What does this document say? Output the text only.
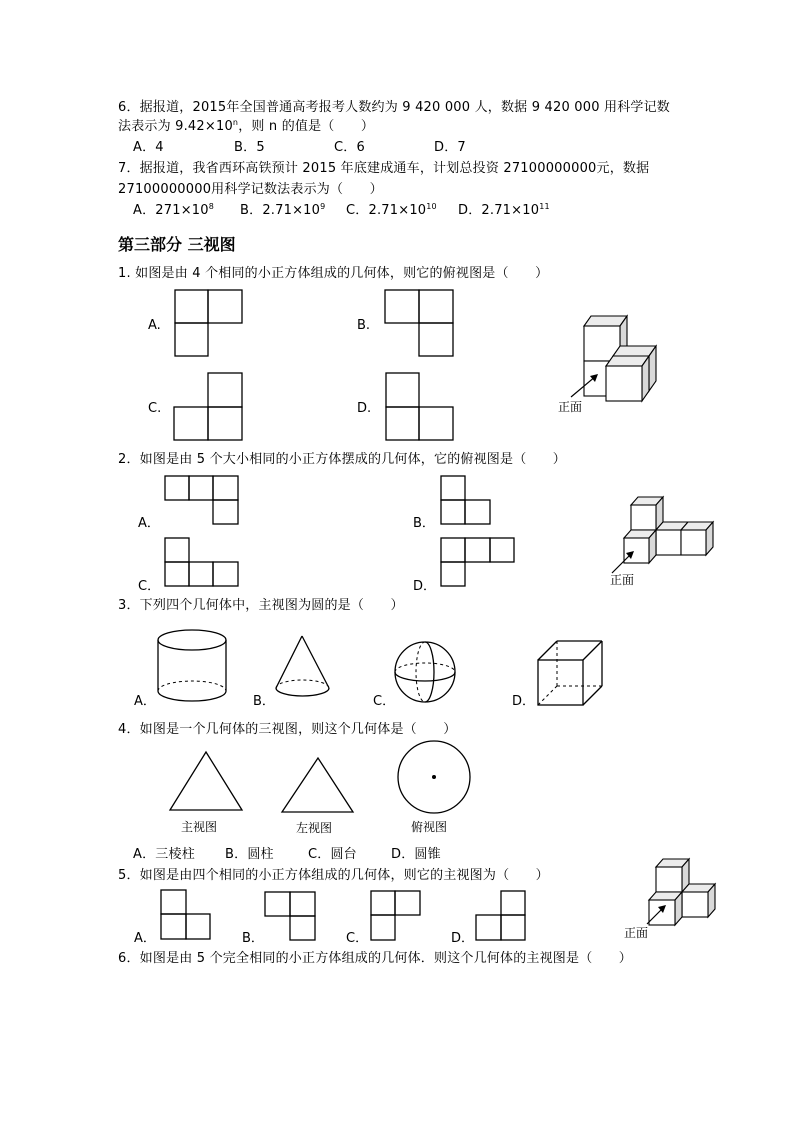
6．据报道，2015年全国普通高考报考人数约为 9 420 000 人，数据 9 420 000 用科学记数
法表示为 $9.42\times 10^n$，则 n 的值是（　　）
A．4	B．5	C．6	D．7
7．据报道，我省西环高铁预计 2015 年底建成通车，计划总投资 27100000000元，数据
27100000000用科学记数法表示为（　　）
A．$271\times 10^8$ B．$2.71\times 10^9$ C．$2.71\times 10^{10}$ D．$2.71\times 10^{11}$
第三部分 三视图
1. 如图是由 4 个相同的小正方体组成的几何体，则它的俯视图是（　　）
A.	B.
C.	D.	正面
2．如图是由 5 个大小相同的小正方体摆成的几何体，它的俯视图是（　　）
A．	B．
C．	D．	正面
3．下列四个几何体中，主视图为圆的是（　　）
A．	B．	C．	D．
4．如图是一个几何体的三视图，则这个几何体是（　　）
主视图	左视图	俯视图
A．三棱柱 B．圆柱	C．圆台	D．圆锥
5．如图是由四个相同的小正方体组成的几何体，则它的主视图为（　　）
A．	B．	C．	D．	正面
6．如图是由 5 个完全相同的小正方体组成的几何体．则这个几何体的主视图是（　　）
